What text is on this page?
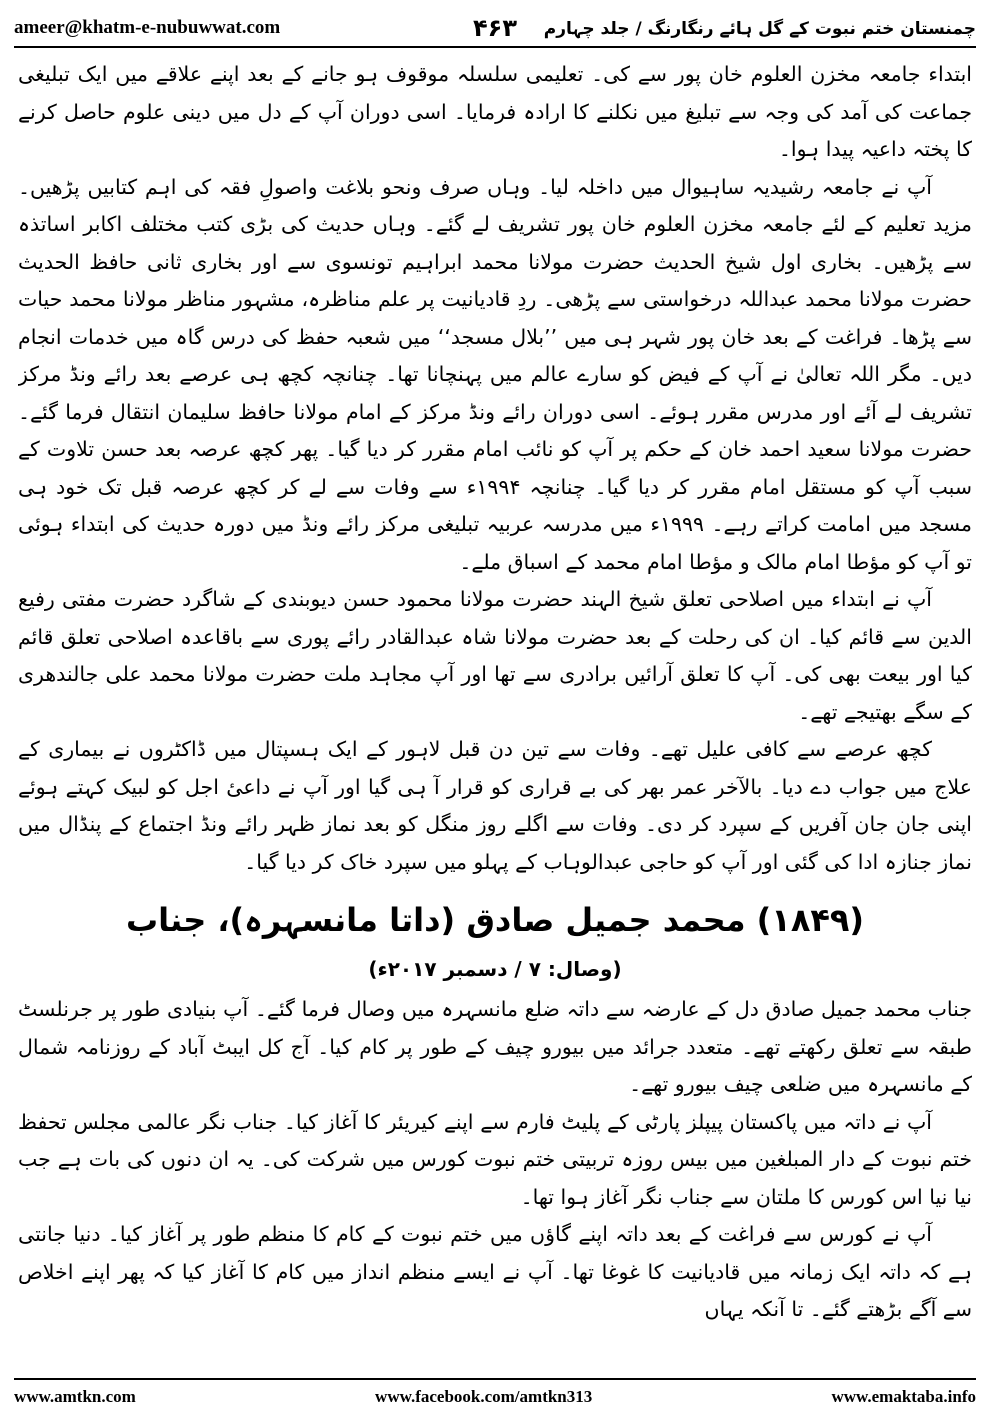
ameer@khatm-e-nubuwwat.com	۴۶۳ چمنستان ختم نبوت کے گل ہائے رنگارنگ / جلد چہارم

ابتداء جامعہ مخزن العلوم خان پور سے کی۔ تعلیمی سلسلہ موقوف ہو جانے کے بعد اپنے علاقے میں ایک تبلیغی جماعت کی آمد کی وجہ سے تبلیغ میں نکلنے کا ارادہ فرمایا۔ اسی دوران آپ کے دل میں دینی علوم حاصل کرنے کا پختہ داعیہ پیدا ہوا۔

آپ نے جامعہ رشیدیہ ساہیوال میں داخلہ لیا۔ وہاں صرف ونحو بلاغت واصولِ فقہ کی اہم کتابیں پڑھیں۔ مزید تعلیم کے لئے جامعہ مخزن العلوم خان پور تشریف لے گئے۔ وہاں حدیث کی بڑی کتب مختلف اکابر اساتذہ سے پڑھیں۔ بخاری اول شیخ الحدیث حضرت مولانا محمد ابراہیم تونسوی سے اور بخاری ثانی حافظ الحدیث حضرت مولانا محمد عبداللہ درخواستی سے پڑھی۔ ردِ قادیانیت پر علم مناظرہ، مشہور مناظر مولانا محمد حیات سے پڑھا۔ فراغت کے بعد خان پور شہر ہی میں ’’بلال مسجد‘‘ میں شعبہ حفظ کی درس گاہ میں خدمات انجام دیں۔ مگر اللہ تعالیٰ نے آپ کے فیض کو سارے عالم میں پہنچانا تھا۔ چنانچہ کچھ ہی عرصے بعد رائے ونڈ مرکز تشریف لے آئے اور مدرس مقرر ہوئے۔ اسی دوران رائے ونڈ مرکز کے امام مولانا حافظ سلیمان انتقال فرما گئے۔ حضرت مولانا سعید احمد خان کے حکم پر آپ کو نائب امام مقرر کر دیا گیا۔ پھر کچھ عرصہ بعد حسن تلاوت کے سبب آپ کو مستقل امام مقرر کر دیا گیا۔ چنانچہ ۱۹۹۴ء سے وفات سے لے کر کچھ عرصہ قبل تک خود ہی مسجد میں امامت کراتے رہے۔ ۱۹۹۹ء میں مدرسہ عربیہ تبلیغی مرکز رائے ونڈ میں دورہ حدیث کی ابتداء ہوئی تو آپ کو مؤطا امام مالک و مؤطا امام محمد کے اسباق ملے۔

آپ نے ابتداء میں اصلاحی تعلق شیخ الہند حضرت مولانا محمود حسن دیوبندی کے شاگرد حضرت مفتی رفیع الدین سے قائم کیا۔ ان کی رحلت کے بعد حضرت مولانا شاہ عبدالقادر رائے پوری سے باقاعدہ اصلاحی تعلق قائم کیا اور بیعت بھی کی۔ آپ کا تعلق آرائیں برادری سے تھا اور آپ مجاہد ملت حضرت مولانا محمد علی جالندھری کے سگے بھتیجے تھے۔

کچھ عرصے سے کافی علیل تھے۔ وفات سے تین دن قبل لاہور کے ایک ہسپتال میں ڈاکٹروں نے بیماری کے علاج میں جواب دے دیا۔ بالآخر عمر بھر کی بے قراری کو قرار آ ہی گیا اور آپ نے داعیٔ اجل کو لبیک کہتے ہوئے اپنی جان جان آفریں کے سپرد کر دی۔ وفات سے اگلے روز منگل کو بعد نماز ظہر رائے ونڈ اجتماع کے پنڈال میں نماز جنازہ ادا کی گئی اور آپ کو حاجی عبدالوہاب کے پہلو میں سپرد خاک کر دیا گیا۔

(۱۸۴۹) محمد جمیل صادق (داتا مانسہرہ)، جناب
(وصال: ۷ / دسمبر ۲۰۱۷ء)

جناب محمد جمیل صادق دل کے عارضہ سے داتہ ضلع مانسہرہ میں وصال فرما گئے۔ آپ بنیادی طور پر جرنلسٹ طبقہ سے تعلق رکھتے تھے۔ متعدد جرائد میں بیورو چیف کے طور پر کام کیا۔ آج کل ایبٹ آباد کے روزنامہ شمال کے مانسہرہ میں ضلعی چیف بیورو تھے۔

آپ نے داتہ میں پاکستان پیپلز پارٹی کے پلیٹ فارم سے اپنے کیریئر کا آغاز کیا۔ جناب نگر عالمی مجلس تحفظ ختم نبوت کے دار المبلغین میں بیس روزہ تربیتی ختم نبوت کورس میں شرکت کی۔ یہ ان دنوں کی بات ہے جب نیا نیا اس کورس کا ملتان سے جناب نگر آغاز ہوا تھا۔

آپ نے کورس سے فراغت کے بعد داتہ اپنے گاؤں میں ختم نبوت کے کام کا منظم طور پر آغاز کیا۔ دنیا جانتی ہے کہ داتہ ایک زمانہ میں قادیانیت کا غوغا تھا۔ آپ نے ایسے منظم انداز میں کام کا آغاز کیا کہ پھر اپنے اخلاص سے آگے بڑھتے گئے۔ تا آنکہ یہاں

www.amtkn.com	www.facebook.com/amtkn313	www.emaktaba.info
